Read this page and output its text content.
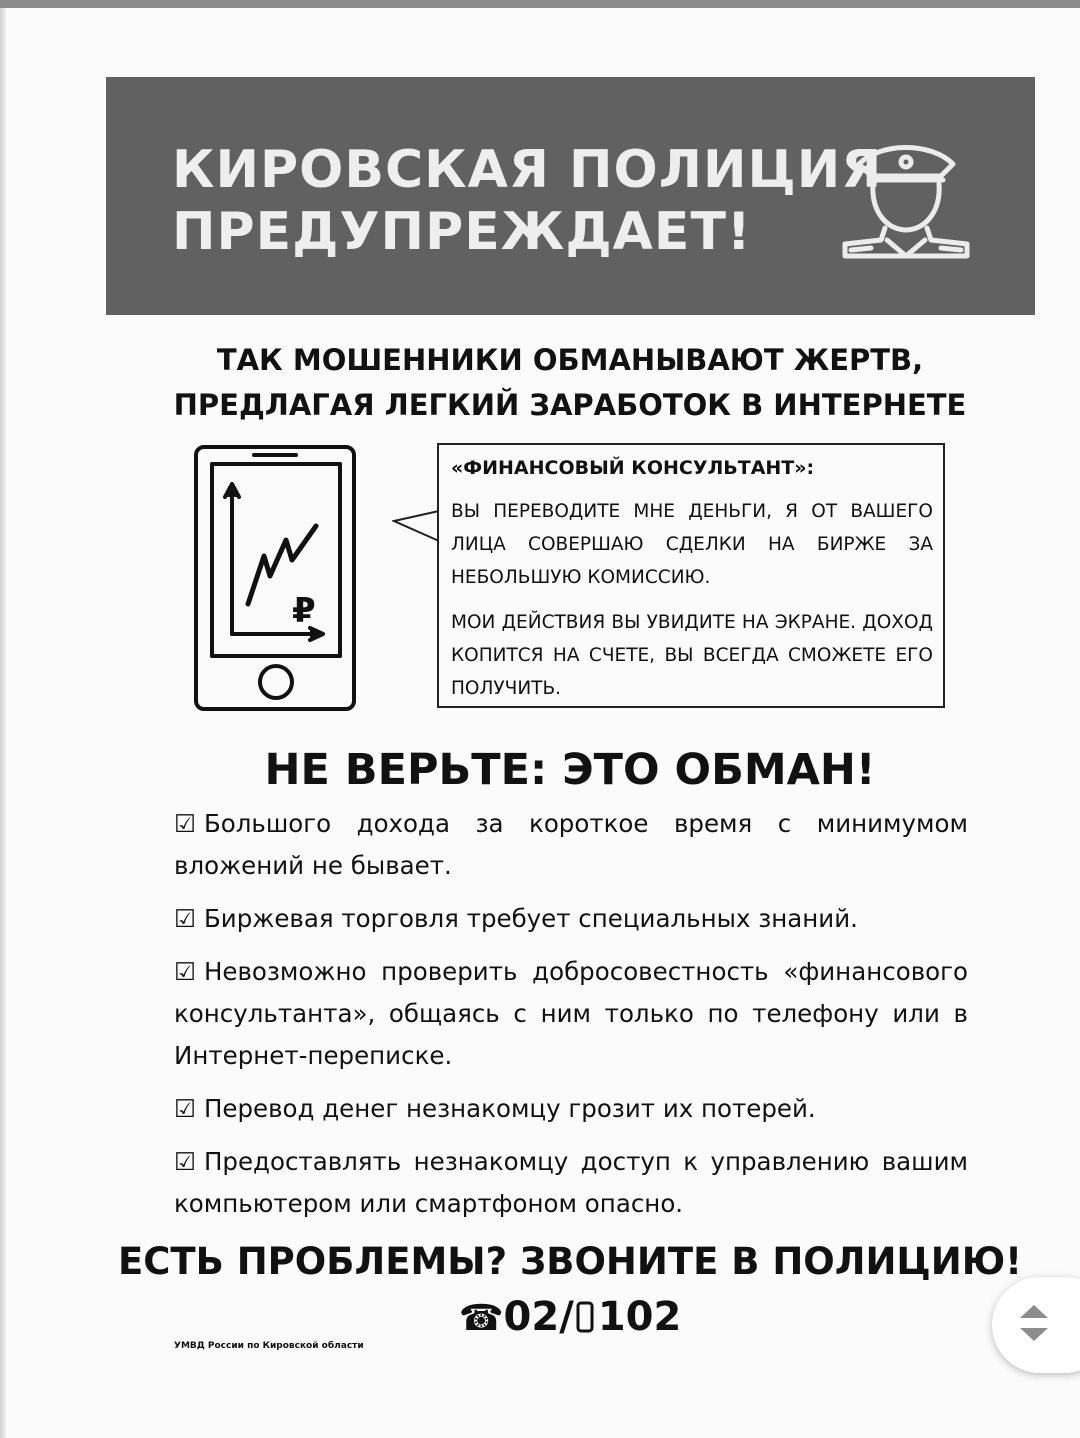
КИРОВСКАЯ ПОЛИЦИЯ
ПРЕДУПРЕЖДАЕТ!
ТАК МОШЕННИКИ ОБМАНЫВАЮТ ЖЕРТВ,
ПРЕДЛАГАЯ ЛЕГКИЙ ЗАРАБОТОК В ИНТЕРНЕТЕ
₽

«ФИНАНСОВЫЙ КОНСУЛЬТАНТ»:

ВЫ ПЕРЕВОДИТЕ МНЕ ДЕНЬГИ, Я ОТ ВАШЕГО ЛИЦА СОВЕРШАЮ СДЕЛКИ НА БИРЖЕ ЗА НЕБОЛЬШУЮ КОМИССИЮ.

МОИ ДЕЙСТВИЯ ВЫ УВИДИТЕ НА ЭКРАНЕ. ДОХОД КОПИТСЯ НА СЧЕТЕ, ВЫ ВСЕГДА СМОЖЕТЕ ЕГО ПОЛУЧИТЬ.

НЕ ВЕРЬТЕ: ЭТО ОБМАН!
☑ Большого дохода за короткое время с минимумом вложений не бывает.
☑ Биржевая торговля требует специальных знаний.
☑ Невозможно проверить добросовестность «финансового консультанта», общаясь с ним только по телефону или в Интернет-переписке.
☑ Перевод денег незнакомцу грозит их потерей.
☑ Предоставлять незнакомцу доступ к управлению вашим компьютером или смартфоном опасно.
ЕСТЬ ПРОБЛЕМЫ? ЗВОНИТЕ В ПОЛИЦИЮ!
☎02/ 102

УМВД России по Кировской области
